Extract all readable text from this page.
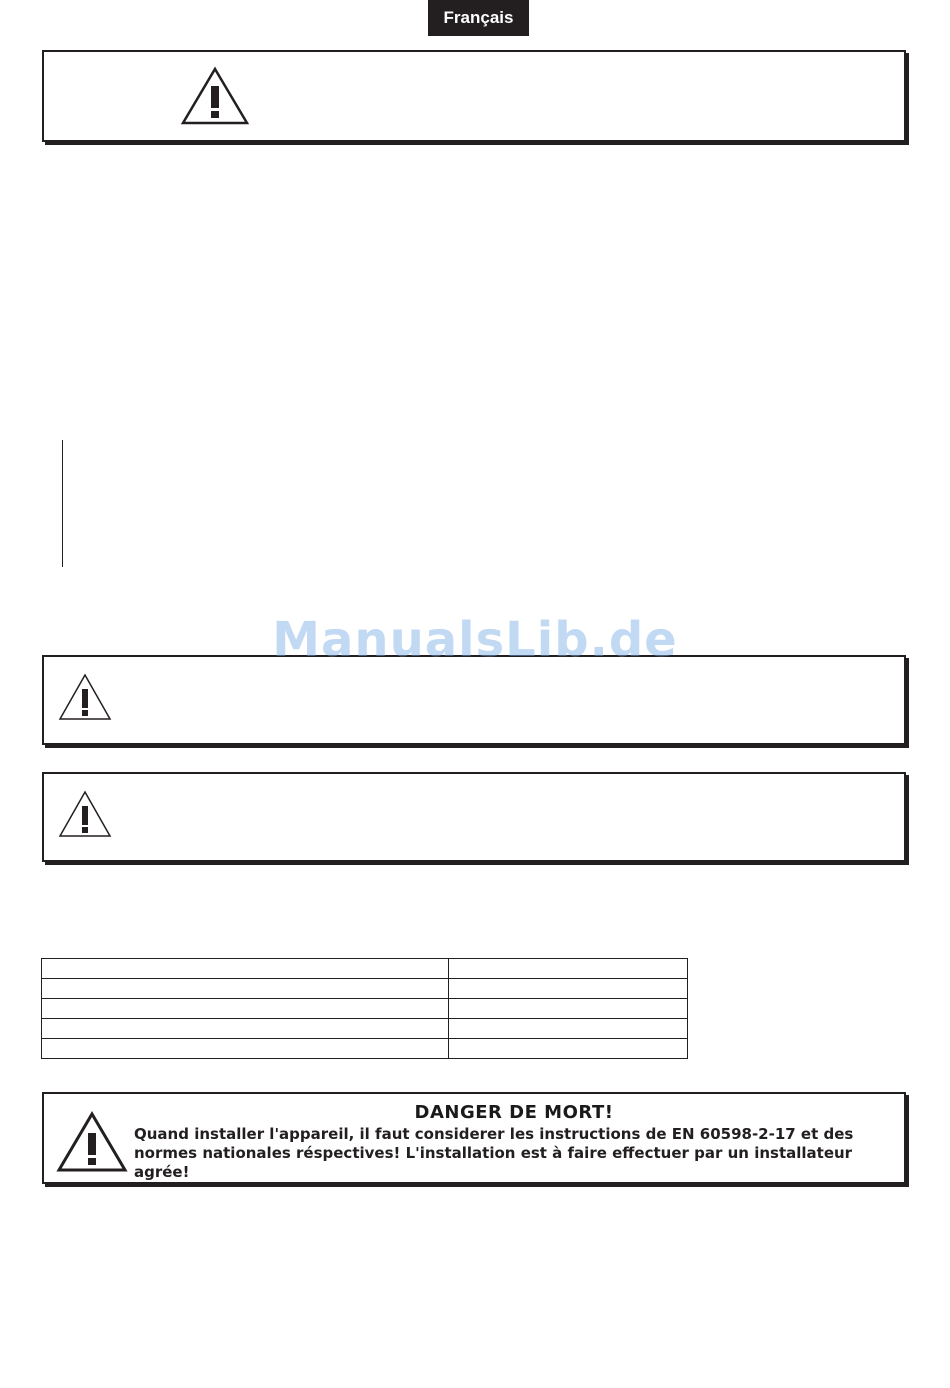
Français
ManualsLib.de

DANGER DE MORT!
Quand installer l'appareil, il faut considerer les instructions de EN 60598-2-17 et des
normes nationales réspectives! L'installation est à faire effectuer par un installateur agrée!
